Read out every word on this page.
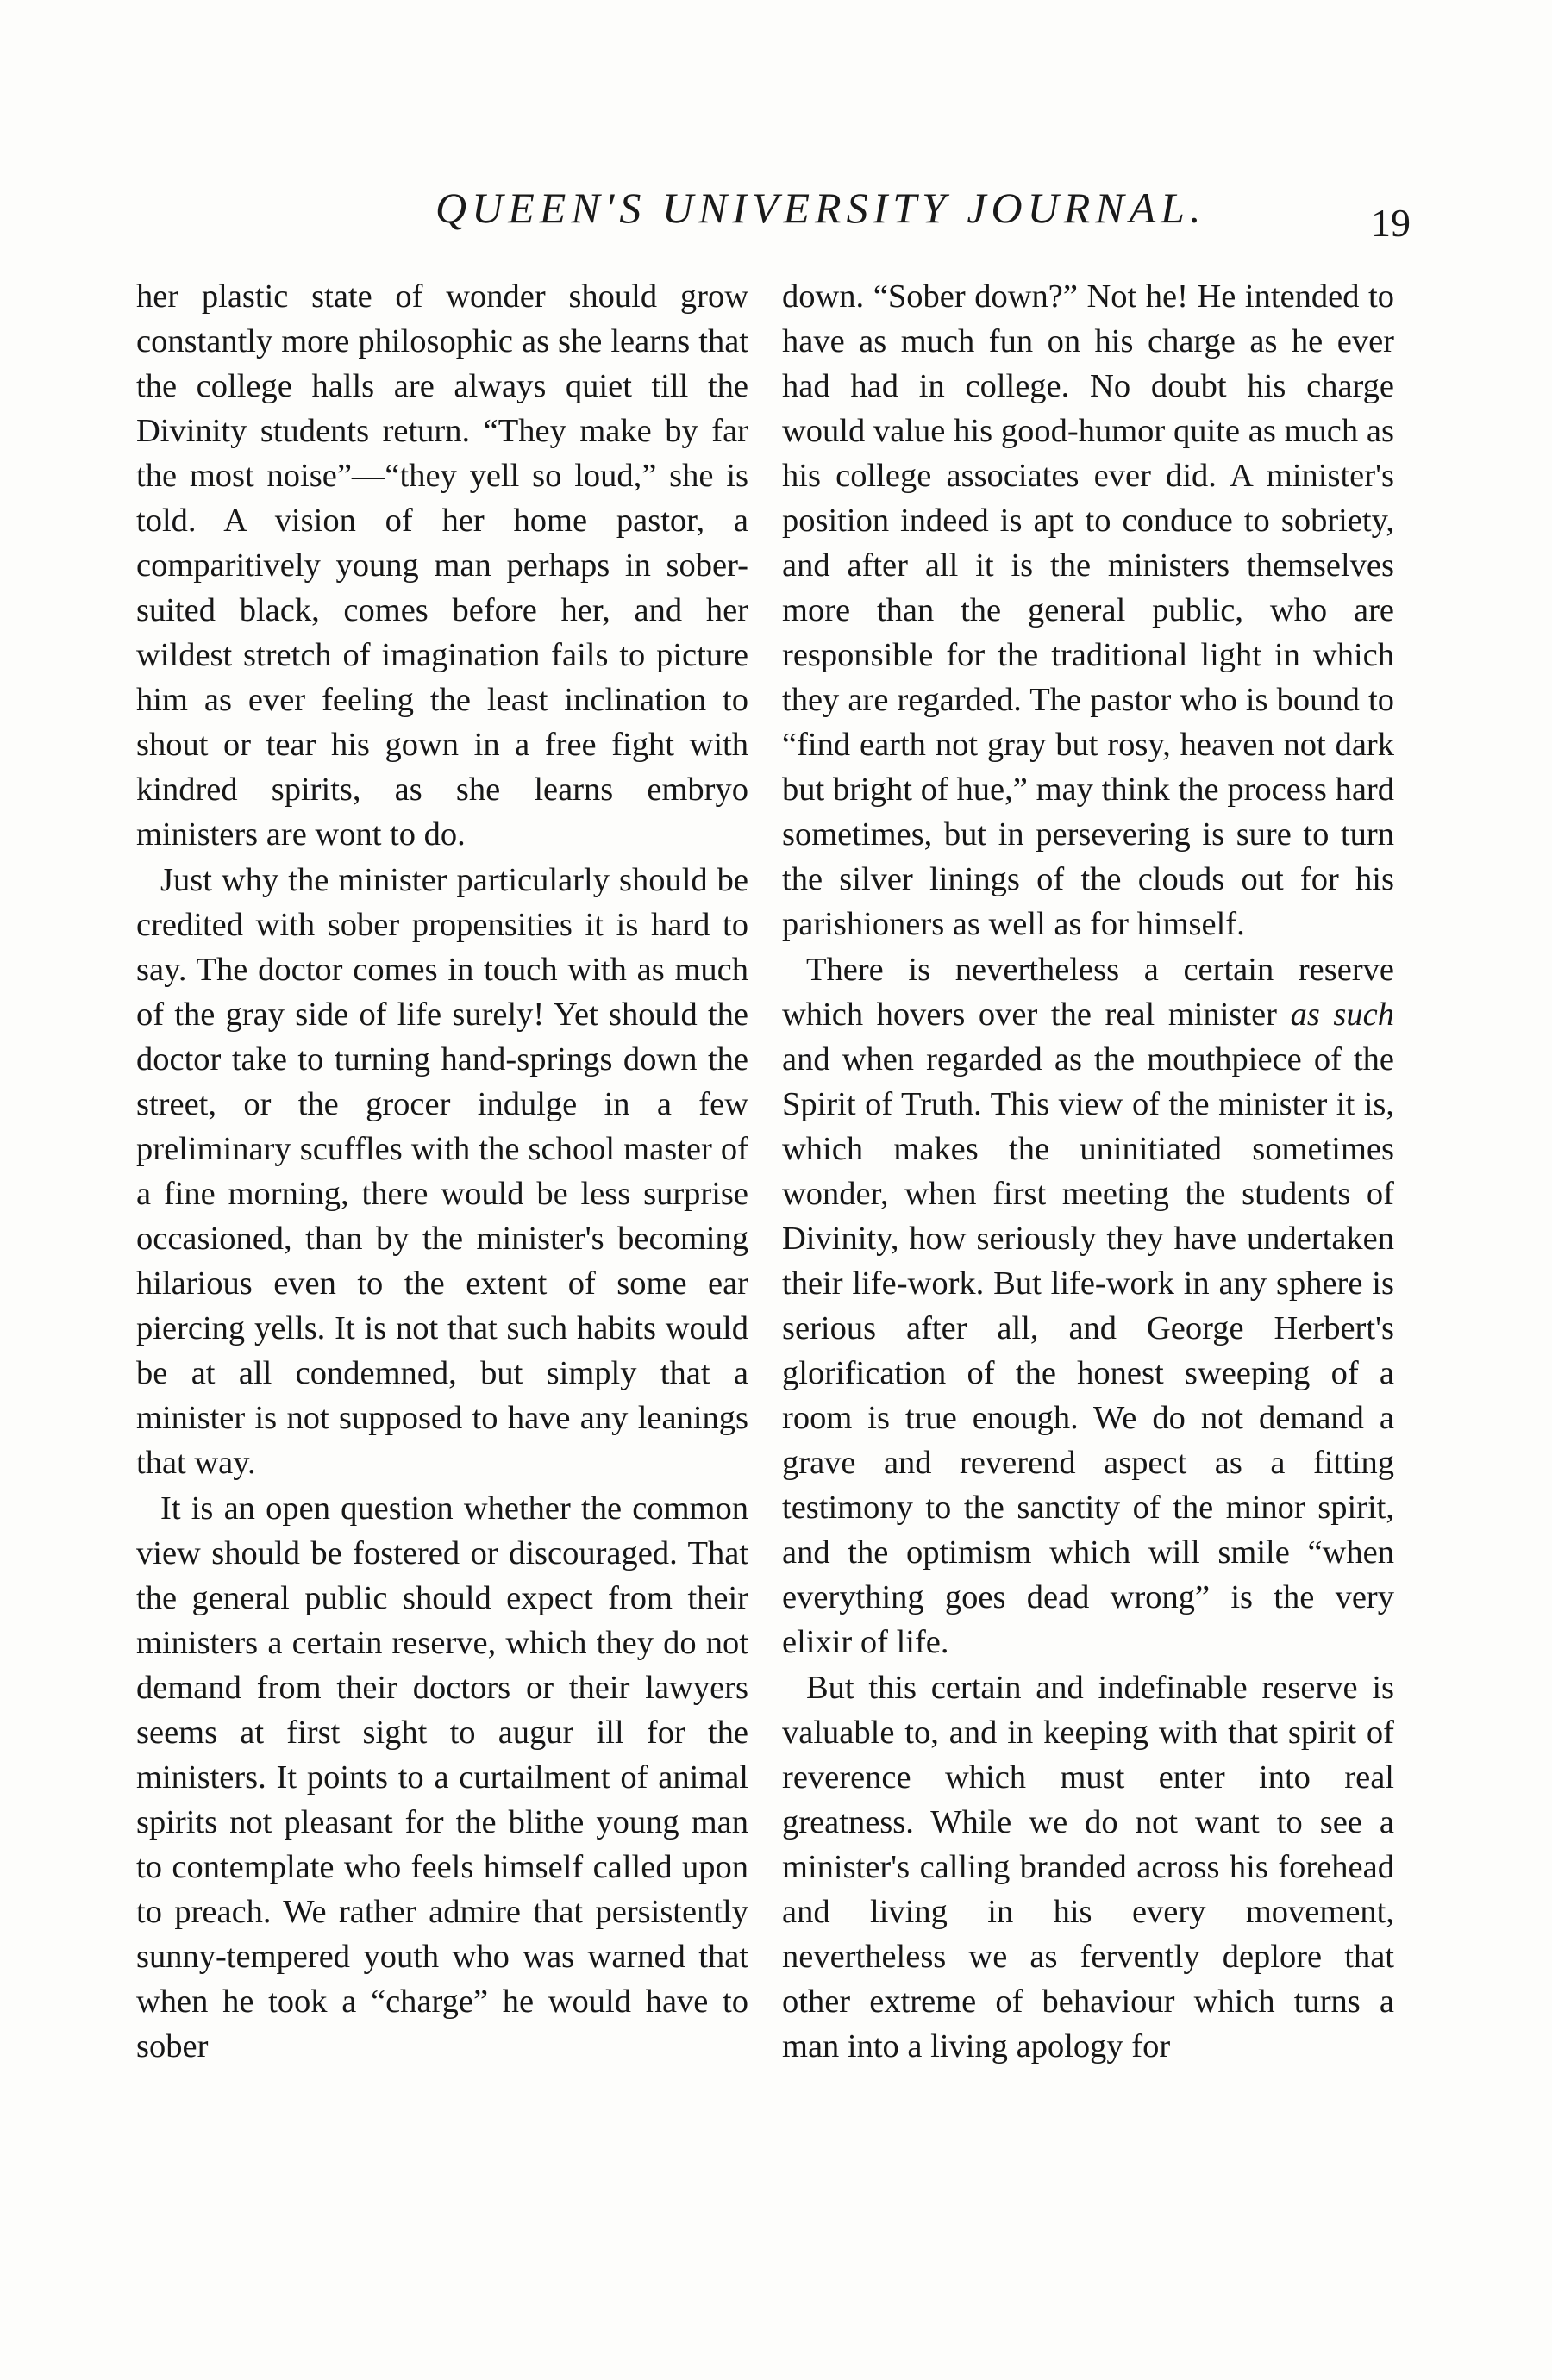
QUEEN'S UNIVERSITY JOURNAL.	19

her plastic state of wonder should grow constantly more philosophic as she learns that the college halls are always quiet till the Divinity students return. “They make by far the most noise”—“they yell so loud,” she is told. A vision of her home pastor, a comparitively young man perhaps in sober-suited black, comes before her, and her wildest stretch of imagination fails to picture him as ever feeling the least inclination to shout or tear his gown in a free fight with kindred spirits, as she learns embryo ministers are wont to do.

Just why the minister particularly should be credited with sober propensities it is hard to say. The doctor comes in touch with as much of the gray side of life surely! Yet should the doctor take to turning hand-springs down the street, or the grocer indulge in a few preliminary scuffles with the school master of a fine morning, there would be less surprise occasioned, than by the minister's becoming hilarious even to the extent of some ear piercing yells. It is not that such habits would be at all condemned, but simply that a minister is not supposed to have any leanings that way.

It is an open question whether the common view should be fostered or discouraged. That the general public should expect from their ministers a certain reserve, which they do not demand from their doctors or their lawyers seems at first sight to augur ill for the ministers. It points to a curtailment of animal spirits not pleasant for the blithe young man to contemplate who feels himself called upon to preach. We rather admire that persistently sunny-tempered youth who was warned that when he took a “charge” he would have to sober

down. “Sober down?” Not he! He intended to have as much fun on his charge as he ever had had in college. No doubt his charge would value his good-humor quite as much as his college associates ever did. A minister's position indeed is apt to conduce to sobriety, and after all it is the ministers themselves more than the general public, who are responsible for the traditional light in which they are regarded. The pastor who is bound to “find earth not gray but rosy, heaven not dark but bright of hue,” may think the process hard sometimes, but in persevering is sure to turn the silver linings of the clouds out for his parishioners as well as for himself.

There is nevertheless a certain reserve which hovers over the real minister as such and when regarded as the mouthpiece of the Spirit of Truth. This view of the minister it is, which makes the uninitiated sometimes wonder, when first meeting the students of Divinity, how seriously they have undertaken their life-work. But life-work in any sphere is serious after all, and George Herbert's glorification of the honest sweeping of a room is true enough. We do not demand a grave and reverend aspect as a fitting testimony to the sanctity of the minor spirit, and the optimism which will smile “when everything goes dead wrong” is the very elixir of life.

But this certain and indefinable reserve is valuable to, and in keeping with that spirit of reverence which must enter into real greatness. While we do not want to see a minister's calling branded across his forehead and living in his every movement, nevertheless we as fervently deplore that other extreme of behaviour which turns a man into a living apology for
